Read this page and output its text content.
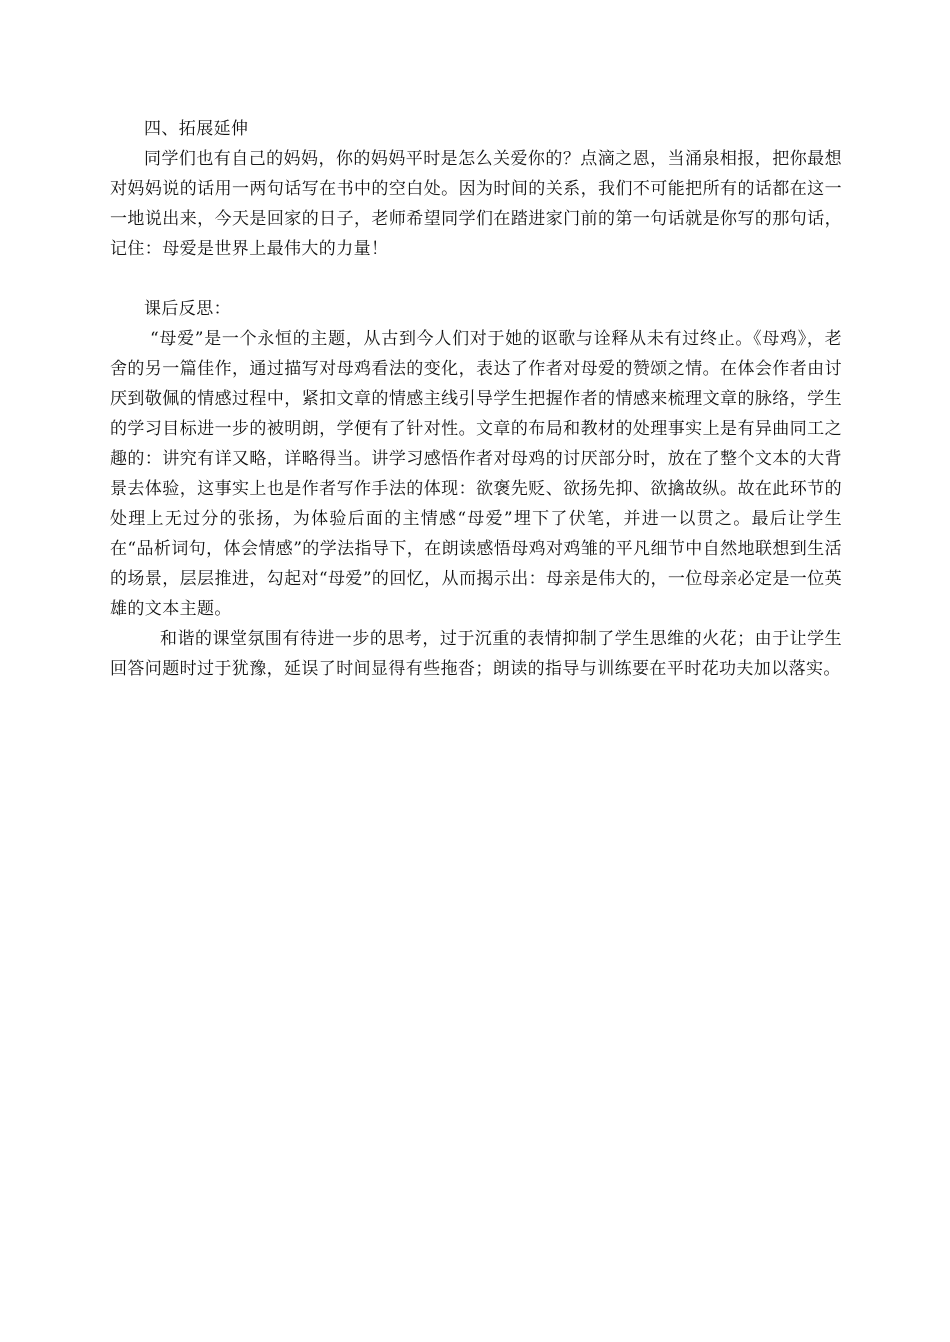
四、拓展延伸

同学们也有自己的妈妈，你的妈妈平时是怎么关爱你的？点滴之恩，当涌泉相报，把你最想对妈妈说的话用一两句话写在书中的空白处。因为时间的关系，我们不可能把所有的话都在这一一地说出来，今天是回家的日子，老师希望同学们在踏进家门前的第一句话就是你写的那句话，记住：母爱是世界上最伟大的力量！

课后反思：

“母爱”是一个永恒的主题，从古到今人们对于她的讴歌与诠释从未有过终止。《母鸡》，老舍的另一篇佳作，通过描写对母鸡看法的变化，表达了作者对母爱的赞颂之情。在体会作者由讨厌到敬佩的情感过程中，紧扣文章的情感主线引导学生把握作者的情感来梳理文章的脉络，学生的学习目标进一步的被明朗，学便有了针对性。文章的布局和教材的处理事实上是有异曲同工之趣的：讲究有详又略，详略得当。讲学习感悟作者对母鸡的讨厌部分时，放在了整个文本的大背景去体验，这事实上也是作者写作手法的体现：欲褒先贬、欲扬先抑、欲擒故纵。故在此环节的处理上无过分的张扬，为体验后面的主情感“母爱”埋下了伏笔，并进一以贯之。最后让学生在“品析词句，体会情感”的学法指导下，在朗读感悟母鸡对鸡雏的平凡细节中自然地联想到生活的场景，层层推进，勾起对“母爱”的回忆，从而揭示出：母亲是伟大的，一位母亲必定是一位英雄的文本主题。

和谐的课堂氛围有待进一步的思考，过于沉重的表情抑制了学生思维的火花；由于让学生回答问题时过于犹豫，延误了时间显得有些拖沓；朗读的指导与训练要在平时花功夫加以落实。
